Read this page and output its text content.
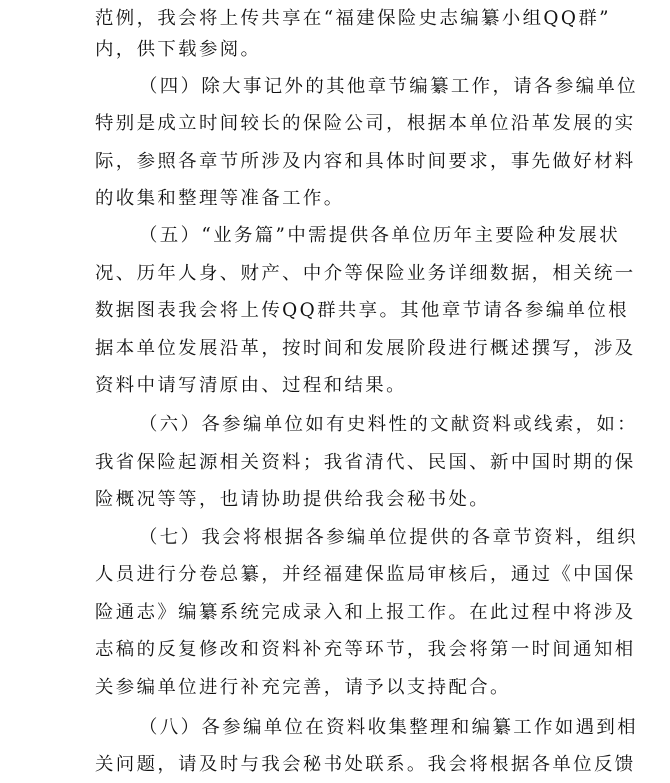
范例，我会将上传共享在“福建保险史志编纂小组QQ群”
内，供下载参阅。
（四）除大事记外的其他章节编纂工作，请各参编单位
特别是成立时间较长的保险公司，根据本单位沿革发展的实
际，参照各章节所涉及内容和具体时间要求，事先做好材料
的收集和整理等准备工作。
（五）“业务篇”中需提供各单位历年主要险种发展状
况、历年人身、财产、中介等保险业务详细数据，相关统一
数据图表我会将上传QQ群共享。其他章节请各参编单位根
据本单位发展沿革，按时间和发展阶段进行概述撰写，涉及
资料中请写清原由、过程和结果。
（六）各参编单位如有史料性的文献资料或线索，如：
我省保险起源相关资料；我省清代、民国、新中国时期的保
险概况等等，也请协助提供给我会秘书处。
（七）我会将根据各参编单位提供的各章节资料，组织
人员进行分卷总纂，并经福建保监局审核后，通过《中国保
险通志》编纂系统完成录入和上报工作。在此过程中将涉及
志稿的反复修改和资料补充等环节，我会将第一时间通知相
关参编单位进行补充完善，请予以支持配合。
（八）各参编单位在资料收集整理和编纂工作如遇到相
关问题，请及时与我会秘书处联系。我会将根据各单位反馈
